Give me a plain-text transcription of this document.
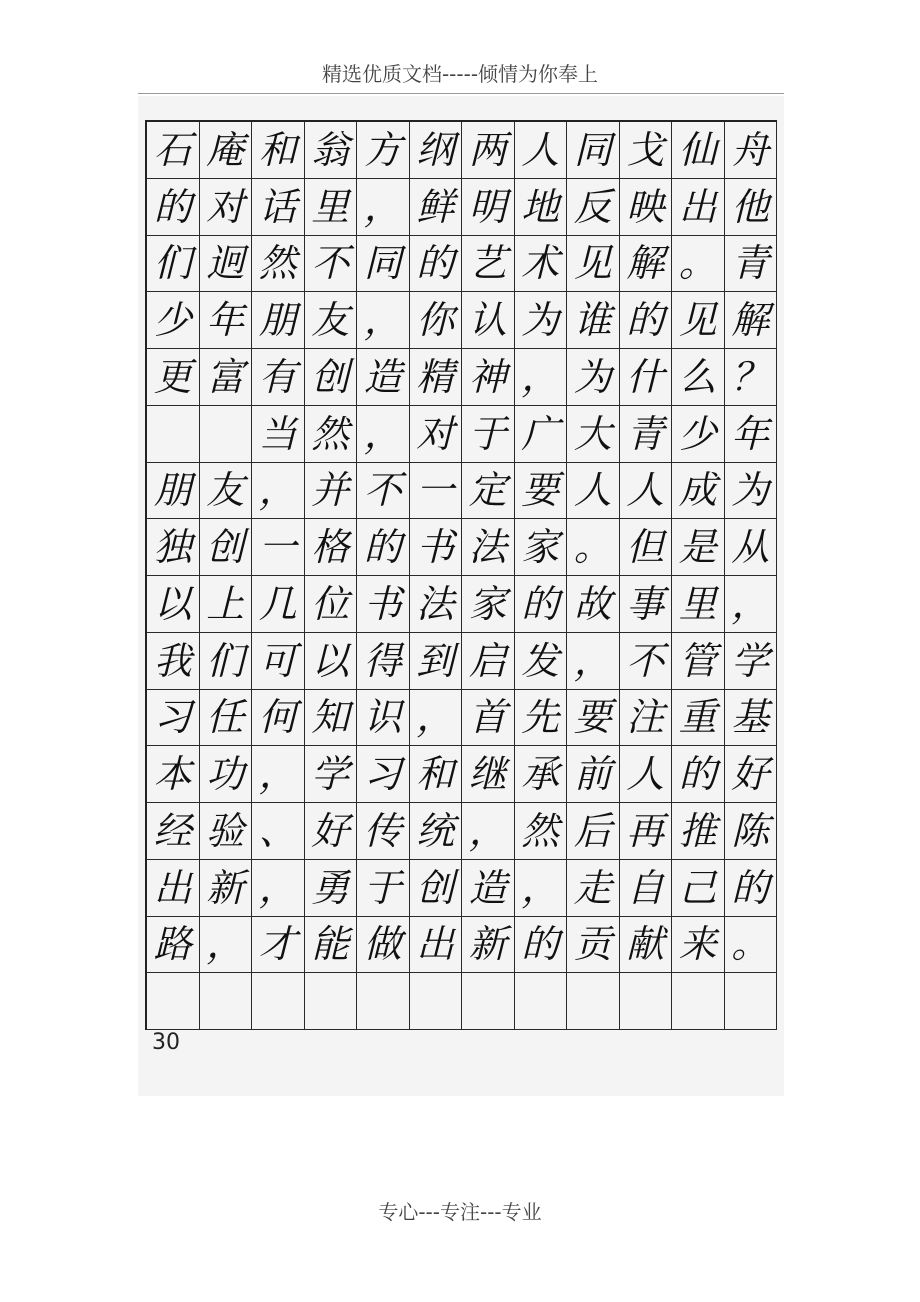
精选优质文档-----倾情为你奉上
石 庵 和 翁 方 纲 两 人 同 戈 仙 舟
的 对 话 里 ， 鲜 明 地 反 映 出 他
们 迥 然 不 同 的 艺 术 见 解 。 青
少 年 朋 友 ， 你 认 为 谁 的 见 解
更 富 有 创 造 精 神 ， 为 什 么 ？
当 然 ， 对 于 广 大 青 少 年
朋 友 ， 并 不 一 定 要 人 人 成 为
独 创 一 格 的 书 法 家 。 但 是 从
以 上 几 位 书 法 家 的 故 事 里 ，
我 们 可 以 得 到 启 发 ， 不 管 学
习 任 何 知 识 ， 首 先 要 注 重 基
本 功 ， 学 习 和 继 承 前 人 的 好
经 验 、 好 传 统 ， 然 后 再 推 陈
出 新 ， 勇 于 创 造 ， 走 自 己 的
路 ， 才 能 做 出 新 的 贡 献 来 。
30
专心---专注---专业
